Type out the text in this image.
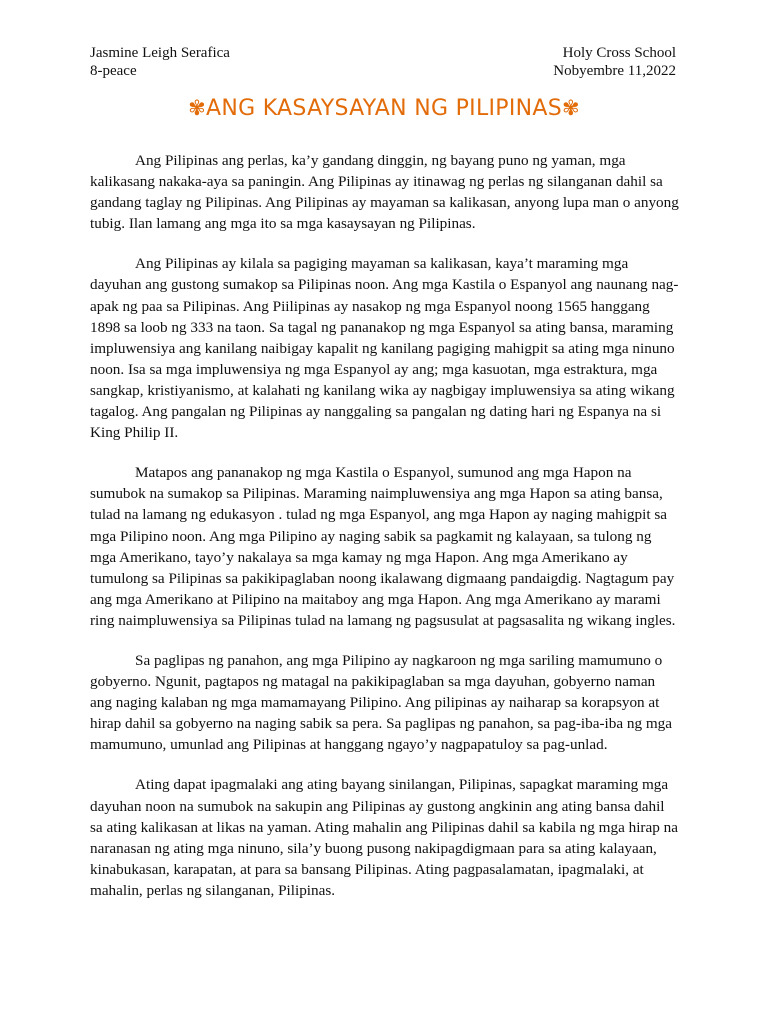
Jasmine Leigh Serafica
8-peace
Holy Cross School
Nobyembre 11,2022
✾ANG KASAYSAYAN NG PILIPINAS✾

Ang Pilipinas ang perlas, ka’y gandang dinggin, ng bayang puno ng yaman, mga kalikasang nakaka-aya sa paningin. Ang Pilipinas ay itinawag ng perlas ng silanganan dahil sa gandang taglay ng Pilipinas. Ang Pilipinas ay mayaman sa kalikasan, anyong lupa man o anyong tubig. Ilan lamang ang mga ito sa mga kasaysayan ng Pilipinas.

Ang Pilipinas ay kilala sa pagiging mayaman sa kalikasan, kaya’t maraming mga dayuhan ang gustong sumakop sa Pilipinas noon. Ang mga Kastila o Espanyol ang naunang nag-apak ng paa sa Pilipinas. Ang Piilipinas ay nasakop ng mga Espanyol noong 1565 hanggang 1898 sa loob ng 333 na taon. Sa tagal ng pananakop ng mga Espanyol sa ating bansa, maraming impluwensiya ang kanilang naibigay kapalit ng kanilang pagiging mahigpit sa ating mga ninuno noon. Isa sa mga impluwensiya ng mga Espanyol ay ang; mga kasuotan, mga estraktura, mga sangkap, kristiyanismo, at kalahati ng kanilang wika ay nagbigay impluwensiya sa ating wikang tagalog. Ang pangalan ng Pilipinas ay nanggaling sa pangalan ng dating hari ng Espanya na si King Philip II.

Matapos ang pananakop ng mga Kastila o Espanyol, sumunod ang mga Hapon na sumubok na sumakop sa Pilipinas. Maraming naimpluwensiya ang mga Hapon sa ating bansa, tulad na lamang ng edukasyon . tulad ng mga Espanyol, ang mga Hapon ay naging mahigpit sa mga Pilipino noon. Ang mga Pilipino ay naging sabik sa pagkamit ng kalayaan, sa tulong ng mga Amerikano, tayo’y nakalaya sa mga kamay ng mga Hapon. Ang mga Amerikano ay tumulong sa Pilipinas sa pakikipaglaban noong ikalawang digmaang pandaigdig. Nagtagum pay ang mga Amerikano at Pilipino na maitaboy ang mga Hapon. Ang mga Amerikano ay marami ring naimpluwensiya sa Pilipinas tulad na lamang ng pagsusulat at pagsasalita ng wikang ingles.

Sa paglipas ng panahon, ang mga Pilipino ay nagkaroon ng mga sariling mamumuno o gobyerno. Ngunit, pagtapos ng matagal na pakikipaglaban sa mga dayuhan, gobyerno naman ang naging kalaban ng mga mamamayang Pilipino. Ang pilipinas ay naiharap sa korapsyon at hirap dahil sa gobyerno na naging sabik sa pera. Sa paglipas ng panahon, sa pag-iba-iba ng mga mamumuno, umunlad ang Pilipinas at hanggang ngayo’y nagpapatuloy sa pag-unlad.

Ating dapat ipagmalaki ang ating bayang sinilangan, Pilipinas, sapagkat maraming mga dayuhan noon na sumubok na sakupin ang Pilipinas ay gustong angkinin ang ating bansa dahil sa ating kalikasan at likas na yaman. Ating mahalin ang Pilipinas dahil sa kabila ng mga hirap na naranasan ng ating mga ninuno, sila’y buong pusong nakipagdigmaan para sa ating kalayaan, kinabukasan, karapatan, at para sa bansang Pilipinas. Ating pagpasalamatan, ipagmalaki, at mahalin, perlas ng silanganan, Pilipinas.
